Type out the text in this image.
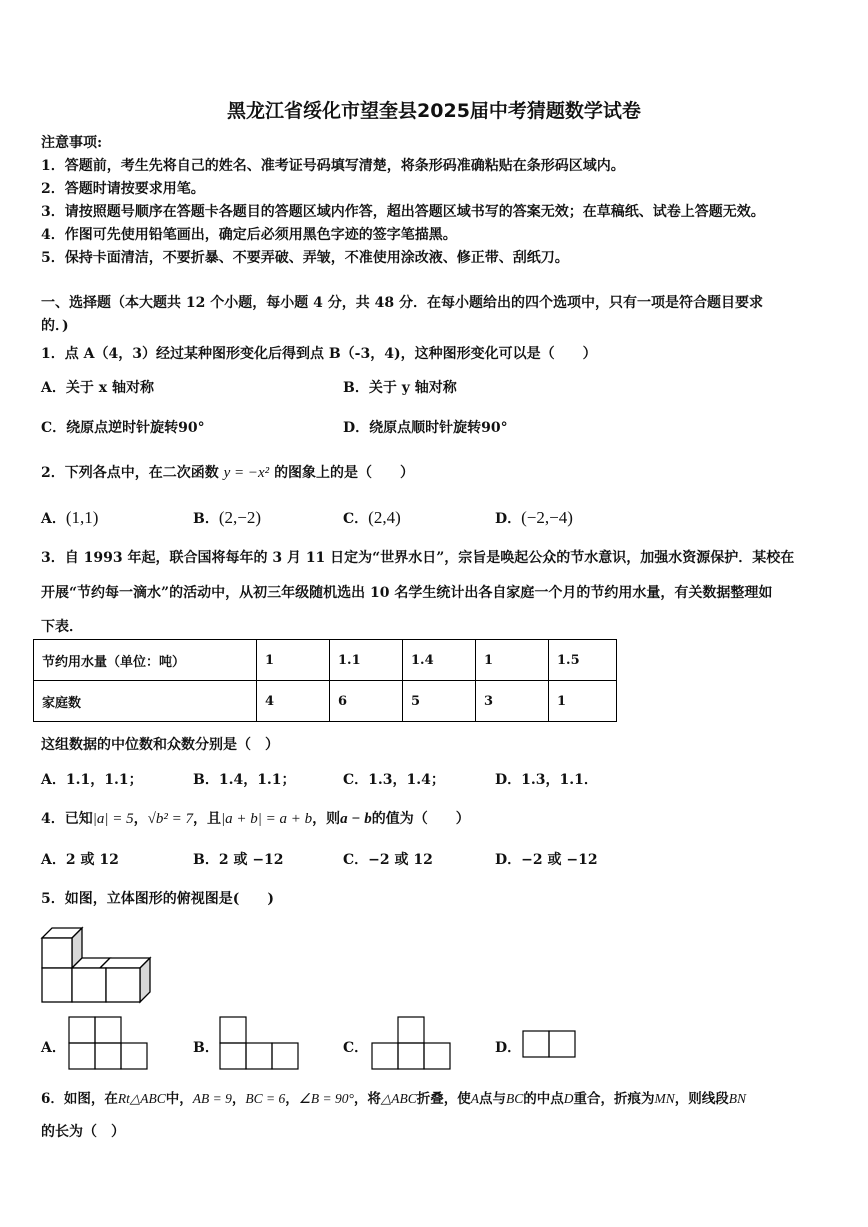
黑龙江省绥化市望奎县2025届中考猜题数学试卷
注意事项:
1．答题前，考生先将自己的姓名、准考证号码填写清楚，将条形码准确粘贴在条形码区域内。
2．答题时请按要求用笔。
3．请按照题号顺序在答题卡各题目的答题区域内作答，超出答题区域书写的答案无效；在草稿纸、试卷上答题无效。
4．作图可先使用铅笔画出，确定后必须用黑色字迹的签字笔描黑。
5．保持卡面清洁，不要折暴、不要弄破、弄皱，不准使用涂改液、修正带、刮纸刀。
一、选择题（本大题共 12 个小题，每小题 4 分，共 48 分．在每小题给出的四个选项中，只有一项是符合题目要求
的．)
1．点 A（4，3）经过某种图形变化后得到点 B（-3，4)，这种图形变化可以是（　　）
A．关于 x 轴对称	B．关于 y 轴对称
C．绕原点逆时针旋转90°	D．绕原点顺时针旋转90°
2．下列各点中，在二次函数 y = −x² 的图象上的是（　　）
A．(1,1)	B．(2,−2)	C．(2,4)	D．(−2,−4)
3．自 1993 年起，联合国将每年的 3 月 11 日定为“世界水日”，宗旨是唤起公众的节水意识，加强水资源保护．某校在
开展“节约每一滴水”的活动中，从初三年级随机选出 10 名学生统计出各自家庭一个月的节约用水量，有关数据整理如
下表．
节约用水量（单位：吨）	1	1.1	1.4	1	1.5
家庭数	4	6	5	3	1
这组数据的中位数和众数分别是（　）
A．1.1，1.1；	B．1.4，1.1；	C．1.3，1.4；	D．1.3，1.1．
4．已知|a| = 5，√b² = 7，且|a + b| = a + b，则a − b的值为（　　）
A．2 或 12	B．2 或 −12	C．−2 或 12	D．−2 或 −12
5．如图，立体图形的俯视图是(　　)
A．	B．	C．	D．
6．如图，在Rt△ABC中，AB = 9，BC = 6，∠B = 90°，将△ABC折叠，使A点与BC的中点D重合，折痕为MN，则线段BN
的长为（　）
